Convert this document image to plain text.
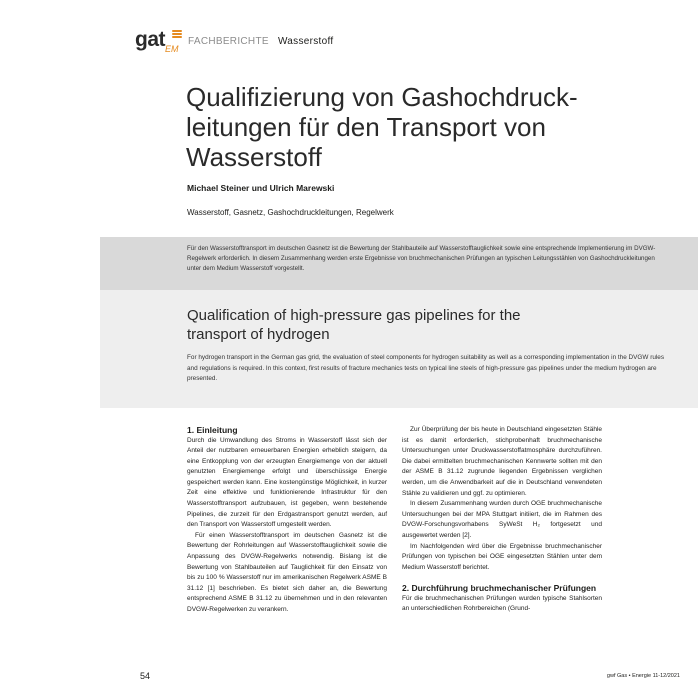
gat EM
FACHBERICHTE Wasserstoff
Qualifizierung von Gashochdruck-leitungen für den Transport von Wasserstoff
Michael Steiner und Ulrich Marewski
Wasserstoff, Gasnetz, Gashochdruckleitungen, Regelwerk

Für den Wasserstofftransport im deutschen Gasnetz ist die Bewertung der Stahlbauteile auf Wasserstofftauglichkeit sowie eine entsprechende Implementierung im DVGW-Regelwerk erforderlich. In diesem Zusammenhang werden erste Ergebnisse von bruchmechanischen Prüfungen an typischen Leitungsstählen von Gashochdruckleitungen unter dem Medium Wasserstoff vorgestellt.

Qualification of high-pressure gas pipelines for the transport of hydrogen

For hydrogen transport in the German gas grid, the evaluation of steel components for hydrogen suitability as well as a corresponding implementation in the DVGW rules and regulations is required. In this context, first results of fracture mechanics tests on typical line steels of high-pressure gas pipelines under the medium hydrogen are presented.

1. Einleitung

Durch die Umwandlung des Stroms in Wasserstoff lässt sich der Anteil der nutzbaren erneuerbaren Energien erheblich steigern, da eine Entkopplung von der erzeugten Energiemenge von der aktuell genutzten Energiemenge erfolgt und überschüssige Energie gespeichert werden kann. Eine kostengünstige Möglichkeit, in kurzer Zeit eine effektive und funktionierende Infrastruktur für den Wasserstofftransport aufzubauen, ist gegeben, wenn bestehende Pipelines, die zurzeit für den Erdgastransport genutzt werden, auf den Transport von Wasserstoff umgestellt werden.

Für einen Wasserstofftransport im deutschen Gasnetz ist die Bewertung der Rohrleitungen auf Wasserstofftauglichkeit sowie die Anpassung des DVGW-Regelwerks notwendig. Bislang ist die Bewertung von Stahlbauteilen auf Tauglichkeit für den Einsatz von bis zu 100 % Wasserstoff nur im amerikanischen Regelwerk ASME B 31.12 [1] beschrieben. Es bietet sich daher an, die Bewertung entsprechend ASME B 31.12 zu übernehmen und in den relevanten DVGW-Regelwerken zu verankern.

Zur Überprüfung der bis heute in Deutschland eingesetzten Stähle ist es damit erforderlich, stichprobenhaft bruchmechanische Untersuchungen unter Druckwasserstoffatmosphäre durchzuführen. Die dabei ermittelten bruchmechanischen Kennwerte sollten mit den der ASME B 31.12 zugrunde liegenden Ergebnissen verglichen werden, um die Anwendbarkeit auf die in Deutschland verwendeten Stähle zu validieren und ggf. zu optimieren.

In diesem Zusammenhang wurden durch OGE bruchmechanische Untersuchungen bei der MPA Stuttgart initiiert, die im Rahmen des DVGW-Forschungsvorhabens SyWeSt H₂ fortgesetzt und ausgewertet werden [2].

Im Nachfolgenden wird über die Ergebnisse bruchmechanischer Prüfungen von typischen bei OGE eingesetzten Stählen unter dem Medium Wasserstoff berichtet.

2. Durchführung bruchmechanischer Prüfungen

Für die bruchmechanischen Prüfungen wurden typische Stahlsorten an unterschiedlichen Rohrbereichen (Grund-

54	gwf Gas • Energie 11-12/2021
